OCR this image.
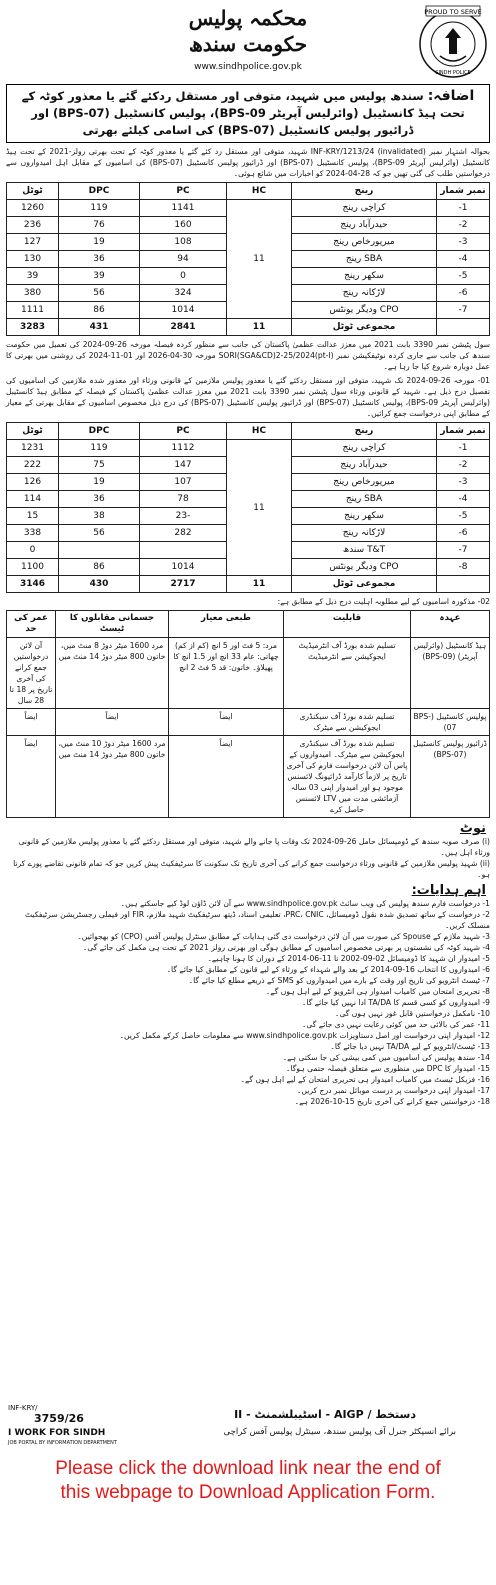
محکمہ پولیس
حکومت سندھ
www.sindhpolice.gov.pk
PROUD TO SERVE
SINDH POLICE
اضافہ: سندھ پولیس میں شہید، متوفی اور مستقل ردکئے گئے یا معذور کوٹہ کے تحت ہیڈ کانسٹیبل (وائرلیس آپریٹر BPS-09)، پولیس کانسٹیبل (BPS-07) اور ڈرائیور پولیس کانسٹیبل (BPS-07) کی اسامی کیلئے بھرتی
بحوالہ اشتہار نمبر INF-KRY/1213/24 (invalidated) شہید، متوفی اور مستقل رد کئے گئے یا معذور کوٹہ کے تحت بھرتی رولز-2021 کے تحت ہیڈ کانسٹیبل (وائرلیس آپریٹر BPS-09)، پولیس کانسٹیبل (BPS-07) اور ڈرائیور پولیس کانسٹیبل (BPS-07) کی اسامیوں کے مقابل اہل امیدواروں سے درخواستیں طلب کی گئی تھیں جو کہ 28-04-2024 کو اخبارات میں شائع ہوئی۔
نمبر شمار	رینج	HC	PC	DPC	ٹوٹل
1-	کراچی رینج	11	1141	119	1260
2-	حیدرآباد رینج		160	76	236
3-	میرپورخاص رینج		108	19	127
4-	SBA رینج		94	36	130
5-	سکھر رینج		0	39	39
6-	لاڑکانہ رینج		324	56	380
7-	CPO ودیگر یونٹس		1014	86	1111
	مجموعی ٹوٹل	11	2841	431	3283
سول پٹیشن نمبر 3390 بابت 2021 میں معزز عدالت عظمیٰ پاکستان کی جانب سے منظور کردہ فیصلہ مورخہ 26-09-2024 کی تعمیل میں حکومت سندھ کی جانب سے جاری کردہ نوٹیفکیشن نمبر SORI(SGA&CD)2-25/2024(pt-I) مورخہ 30-04-2026 اور 01-11-2024 کی روشنی میں بھرتی کا عمل دوبارہ شروع کیا جا رہا ہے۔
01- مورخہ 26-09-2024 تک شہید، متوفی اور مستقل ردکئے گئے یا معذور پولیس ملازمین کے قانونی ورثاء اور معذور شدہ ملازمین کی اسامیوں کی تفصیل درج ذیل ہے۔ شہید کے قانونی ورثاء سول پٹیشن نمبر 3390 بابت 2021 میں معزز عدالت عظمیٰ پاکستان کے فیصلہ کے مطابق ہیڈ کانسٹیبل (وائرلیس آپریٹر BPS-09)، پولیس کانسٹیبل (BPS-07) اور ڈرائیور پولیس کانسٹیبل (BPS-07) کی درج ذیل مخصوص اسامیوں کے مقابل بھرتی کے معیار کے مطابق اپنی درخواست جمع کرائیں۔
نمبر شمار	رینج	HC	PC	DPC	ٹوٹل
1-	کراچی رینج	11	1112	119	1231
2-	حیدرآباد رینج		147	75	222
3-	میرپورخاص رینج		107	19	126
4-	SBA رینج		78	36	114
5-	سکھر رینج		-23	38	15
6-	لاڑکانہ رینج		282	56	338
7-	T&T سندھ				0
8-	CPO ودیگر یونٹس		1014	86	1100
	مجموعی ٹوٹل	11	2717	430	3146
02- مذکورہ اسامیوں کے لیے مطلوبہ اہلیت درج ذیل کے مطابق ہے:
عہدہ	قابلیت	طبعی معیار	جسمانی مقابلوں کا ٹیسٹ	عمر کی حد
ہیڈ کانسٹیبل (وائرلیس آپریٹر) (BPS-09)	تسلیم شدہ بورڈ آف انٹرمیڈیٹ ایجوکیشن سے انٹرمیڈیٹ	مرد: 5 فٹ اور 5 انچ (کم از کم) چھاتی: عام 33 انچ اور 1.5 انچ کا پھیلاؤ۔ خاتون: قد 5 فٹ 2 انچ	مرد 1600 میٹر دوڑ 8 منٹ میں، خاتون 800 میٹر دوڑ 14 منٹ میں	آن لائن درخواستیں جمع کرانے کی آخری تاریخ پر 18 تا 28 سال
پولیس کانسٹیبل (BPS-07)	تسلیم شدہ بورڈ آف سیکنڈری ایجوکیشن سے میٹرک	ایضاً	ایضاً	ایضاً
ڈرائیور پولیس کانسٹیبل (BPS-07)	تسلیم شدہ بورڈ آف سیکنڈری ایجوکیشن سے میٹرک۔ امیدواروں کے پاس آن لائن درخواست فارم کی آخری تاریخ پر لازماً کارآمد ڈرائیونگ لائسنس موجود ہو اور امیدوار اپنی 03 سالہ آزمائشی مدت میں LTV لائسنس حاصل کرے	ایضاً	مرد 1600 میٹر دوڑ 10 منٹ میں، خاتون 800 میٹر دوڑ 14 منٹ میں	ایضاً
نوٹ
(i) صرف صوبہ سندھ کے ڈومیسائل حامل 26-09-2024 تک وفات پا جانے والے شہید، متوفی اور مستقل ردکئے گئے یا معذور پولیس ملازمین کے قانونی ورثاء اہل ہیں۔
(ii) شہید پولیس ملازمین کے قانونی ورثاء درخواست جمع کرانے کی آخری تاریخ تک سکونت کا سرٹیفکیٹ پیش کریں جو کہ تمام قانونی تقاضے پورے کرتا ہو۔
اہم ہدایات:
1- درخواست فارم سندھ پولیس کی ویب سائٹ www.sindhpolice.gov.pk سے آن لائن ڈاؤن لوڈ کیے جاسکتے ہیں۔
2- درخواست کے ساتھ تصدیق شدہ نقول ڈومیسائل، PRC، CNIC، تعلیمی اسناد، ڈیتھ سرٹیفکیٹ شہید ملازم، FIR اور فیملی رجسٹریشن سرٹیفکیٹ منسلک کریں۔
3- شہید ملازم کے Spouse کی صورت میں آن لائن درخواست دی گئی ہدایات کے مطابق سنٹرل پولیس آفس (CPO) کو بھجوائیں۔
4- شہید کوٹہ کی نشستوں پر بھرتی مخصوص اسامیوں کے مطابق ہوگی اور بھرتی رولز 2021 کے تحت ہی مکمل کی جائے گی۔
5- امیدوار ان شہید کا ڈومیسائل 02-09-2002 تا 11-06-2014 کے دوران کا ہونا چاہیے۔
6- امیدواروں کا انتخاب 16-09-2014 کے بعد والے شہداء کے ورثاء کے لیے قانون کے مطابق کیا جائے گا۔
7- ٹیسٹ انٹرویو کی تاریخ اور وقت کے بارے میں امیدواروں کو SMS کے ذریعے مطلع کیا جائے گا۔
8- تحریری امتحان میں کامیاب امیدوار ہی انٹرویو کے لیے اہل ہوں گے۔
9- امیدواروں کو کسی قسم کا TA/DA ادا نہیں کیا جائے گا۔
10- نامکمل درخواستیں قابل غور نہیں ہوں گی۔
11- عمر کی بالائی حد میں کوئی رعایت نہیں دی جائے گی۔
12- امیدوار اپنی درخواست اور اصل دستاویزات www.sindhpolice.gov.pk سے معلومات حاصل کرکے مکمل کریں۔
13- ٹیسٹ/انٹرویو کے لیے TA/DA نہیں دیا جائے گا۔
14- سندھ پولیس کی اسامیوں میں کمی بیشی کی جا سکتی ہے۔
15- امیدوار کا DPC میں منظوری سے متعلق فیصلہ حتمی ہوگا۔
16- فزیکل ٹیسٹ میں کامیاب امیدوار ہی تحریری امتحان کے لیے اہل ہوں گے۔
17- امیدوار اپنی درخواست پر درست موبائل نمبر درج کریں۔
18- درخواستیں جمع کرانے کی آخری تاریخ 15-10-2026 ہے۔
دستخط / AIGP - اسٹیبلشمنٹ - II
برائے انسپکٹر جنرل آف پولیس سندھ، سینٹرل پولیس آفس کراچی
INF-KRY/
3759/26
I WORK FOR SINDH
JOB PORTAL BY INFORMATION DEPARTMENT
Please click the download link near the end of
this webpage to Download Application Form.
